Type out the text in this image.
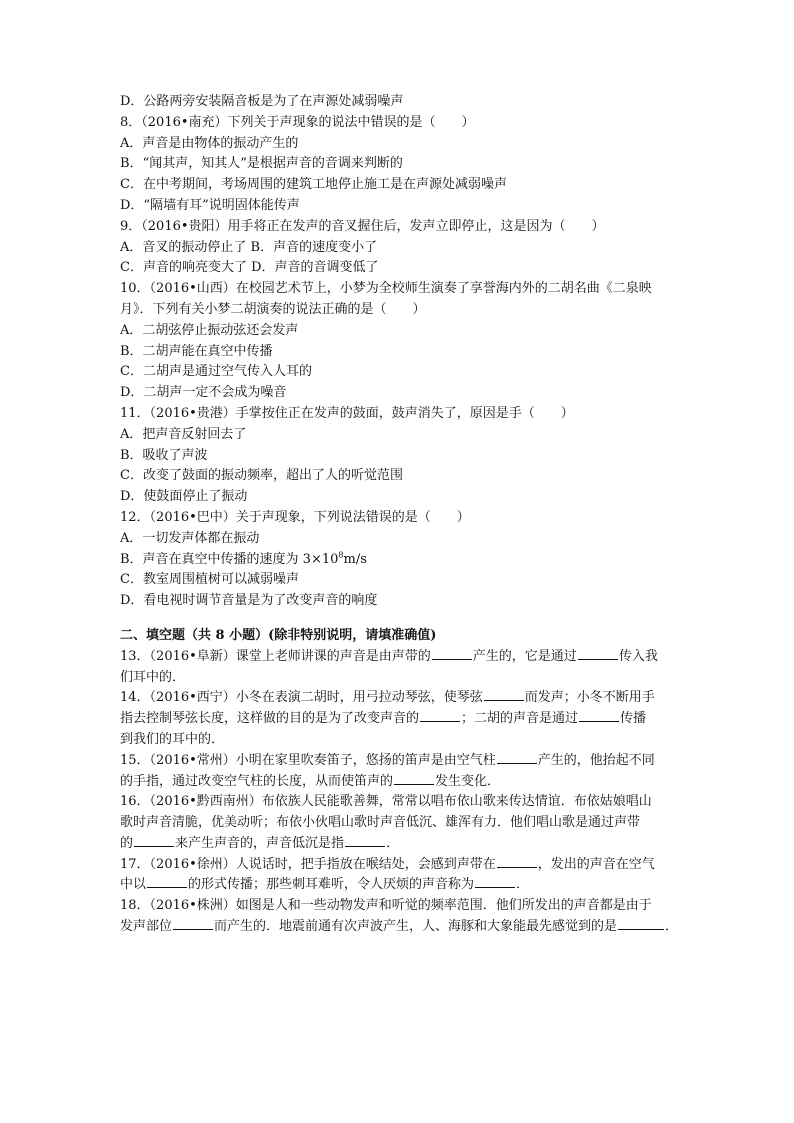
D．公路两旁安装隔音板是为了在声源处减弱噪声
8．（2016•南充）下列关于声现象的说法中错误的是（　　）
A．声音是由物体的振动产生的
B．“闻其声，知其人”是根据声音的音调来判断的
C．在中考期间，考场周围的建筑工地停止施工是在声源处减弱噪声
D．“隔墙有耳”说明固体能传声
9．（2016•贵阳）用手将正在发声的音叉握住后，发声立即停止，这是因为（　　）
A．音叉的振动停止了 B．声音的速度变小了
C．声音的响亮变大了 D．声音的音调变低了
10．（2016•山西）在校园艺术节上，小梦为全校师生演奏了享誉海内外的二胡名曲《二泉映
月》．下列有关小梦二胡演奏的说法正确的是（　　）
A．二胡弦停止振动弦还会发声
B．二胡声能在真空中传播
C．二胡声是通过空气传入人耳的
D．二胡声一定不会成为噪音
11．（2016•贵港）手掌按住正在发声的鼓面，鼓声消失了，原因是手（　　）
A．把声音反射回去了
B．吸收了声波
C．改变了鼓面的振动频率，超出了人的听觉范围
D．使鼓面停止了振动
12．（2016•巴中）关于声现象，下列说法错误的是（　　）
A．一切发声体都在振动
B．声音在真空中传播的速度为 $3\times 10^8m/s$
C．教室周围植树可以减弱噪声
D．看电视时调节音量是为了改变声音的响度
二、填空题（共 8 小题）(除非特别说明，请填准确值)
13．（2016•阜新）课堂上老师讲课的声音是由声带的	产生的，它是通过	传入我
们耳中的．
14．（2016•西宁）小冬在表演二胡时，用弓拉动琴弦，使琴弦	而发声；小冬不断用手
指去控制琴弦长度，这样做的目的是为了改变声音的	；二胡的声音是通过	传播
到我们的耳中的．
15．（2016•常州）小明在家里吹奏笛子，悠扬的笛声是由空气柱	产生的，他抬起不同
的手指，通过改变空气柱的长度，从而使笛声的	发生变化．
16．（2016•黔西南州）布依族人民能歌善舞，常常以唱布依山歌来传达情谊．布依姑娘唱山
歌时声音清脆，优美动听；布依小伙唱山歌时声音低沉、雄浑有力．他们唱山歌是通过声带
的	来产生声音的，声音低沉是指	．
17．（2016•徐州）人说话时，把手指放在喉结处，会感到声带在	，发出的声音在空气
中以	的形式传播；那些刺耳难听，令人厌烦的声音称为	．
18．（2016•株洲）如图是人和一些动物发声和听觉的频率范围．他们所发出的声音都是由于
发声部位	而产生的．地震前通有次声波产生，人、海豚和大象能最先感觉到的是	．
